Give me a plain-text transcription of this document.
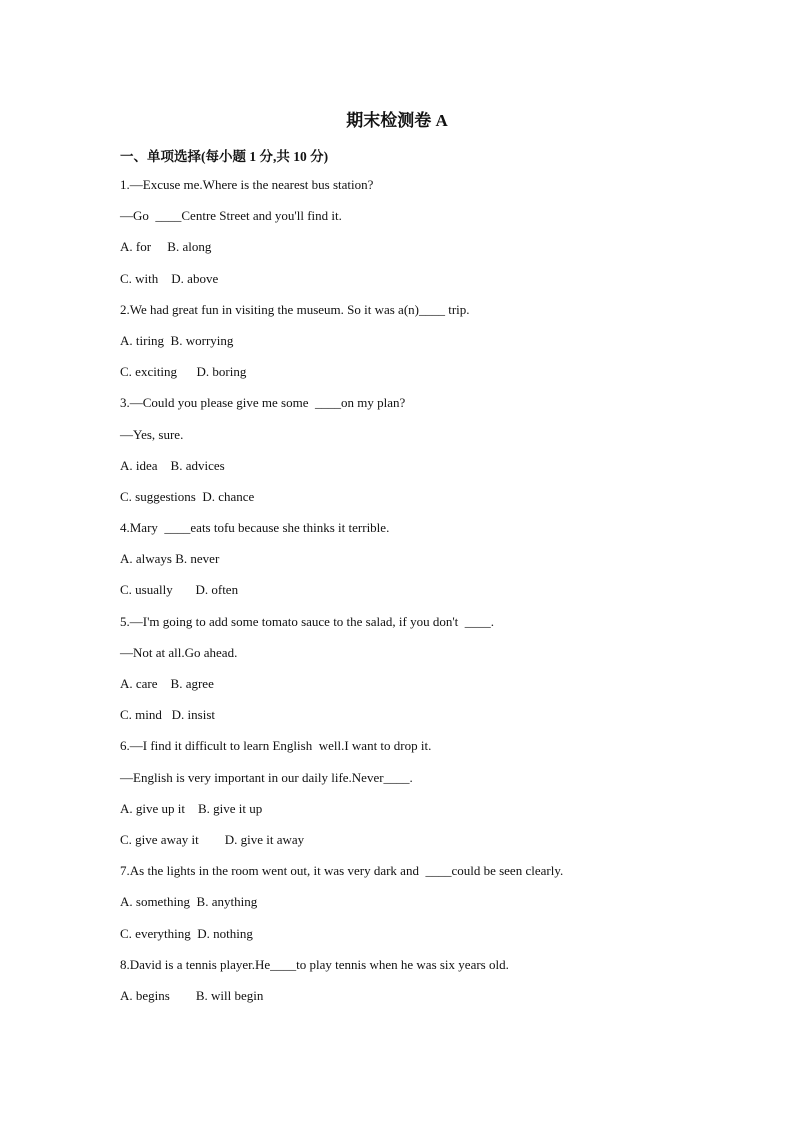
期末检测卷 A
一、单项选择(每小题 1 分,共 10 分)
1.—Excuse me.Where is the nearest bus station?
—Go  ____Centre Street and you'll find it.
A. for     B. along
C. with    D. above
2.We had great fun in visiting the museum. So it was a(n)____ trip.
A. tiring  B. worrying
C. exciting      D. boring
3.—Could you please give me some  ____on my plan?
—Yes, sure.
A. idea    B. advices
C. suggestions  D. chance
4.Mary  ____eats tofu because she thinks it terrible.
A. always B. never
C. usually       D. often
5.—I'm going to add some tomato sauce to the salad, if you don't  ____.
—Not at all.Go ahead.
A. care    B. agree
C. mind   D. insist
6.—I find it difficult to learn English  well.I want to drop it.
—English is very important in our daily life.Never____.
A. give up it    B. give it up
C. give away it        D. give it away
7.As the lights in the room went out, it was very dark and  ____could be seen clearly.
A. something  B. anything
C. everything  D. nothing
8.David is a tennis player.He____to play tennis when he was six years old.
A. begins        B. will begin
